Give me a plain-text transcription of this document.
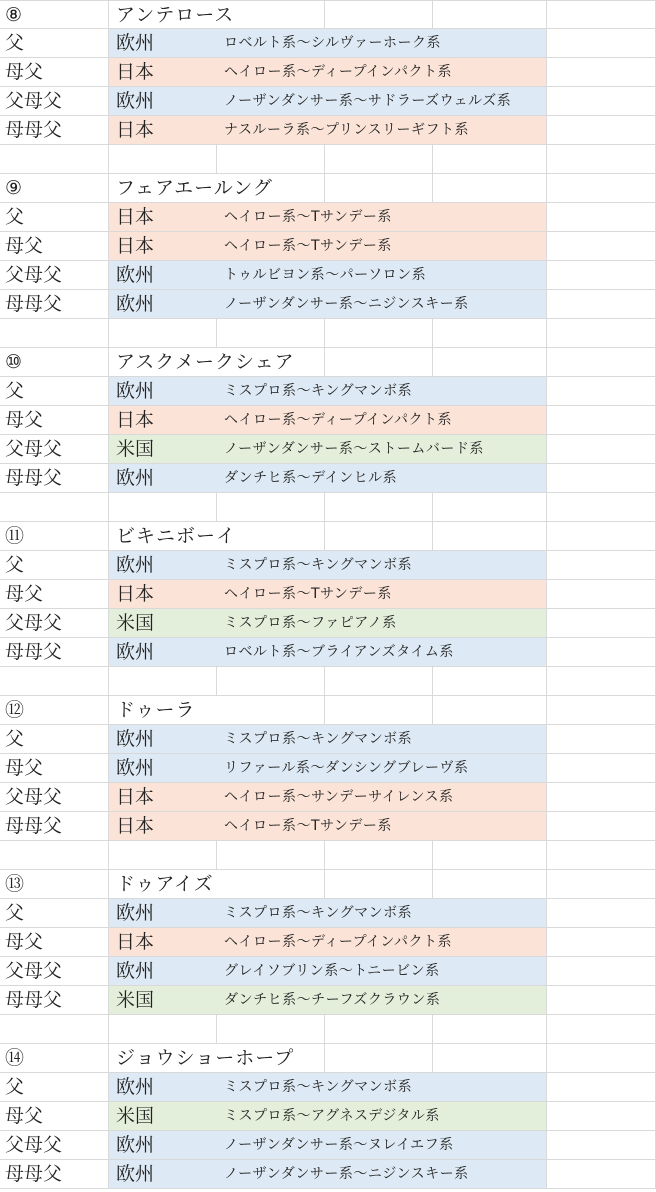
⑧	アンテロース
父	欧州	ロベルト系～シルヴァーホーク系
母父	日本	ヘイロー系～ディープインパクト系
父母父	欧州	ノーザンダンサー系～サドラーズウェルズ系
母母父	日本	ナスルーラ系～プリンスリーギフト系
⑨	フェアエールング
父	日本	ヘイロー系～Tサンデー系
母父	日本	ヘイロー系～Tサンデー系
父母父	欧州	トゥルビヨン系～パーソロン系
母母父	欧州	ノーザンダンサー系～ニジンスキー系
⑩	アスクメークシェア
父	欧州	ミスプロ系～キングマンボ系
母父	日本	ヘイロー系～ディープインパクト系
父母父	米国	ノーザンダンサー系～ストームバード系
母母父	欧州	ダンチヒ系～デインヒル系
⑪	ビキニボーイ
父	欧州	ミスプロ系～キングマンボ系
母父	日本	ヘイロー系～Tサンデー系
父母父	米国	ミスプロ系～ファピアノ系
母母父	欧州	ロベルト系～ブライアンズタイム系
⑫	ドゥーラ
父	欧州	ミスプロ系～キングマンボ系
母父	欧州	リファール系～ダンシングブレーヴ系
父母父	日本	ヘイロー系～サンデーサイレンス系
母母父	日本	ヘイロー系～Tサンデー系
⑬	ドゥアイズ
父	欧州	ミスプロ系～キングマンボ系
母父	日本	ヘイロー系～ディープインパクト系
父母父	欧州	グレイソブリン系～トニービン系
母母父	米国	ダンチヒ系～チーフズクラウン系
⑭	ジョウショーホープ
父	欧州	ミスプロ系～キングマンボ系
母父	米国	ミスプロ系～アグネスデジタル系
父母父	欧州	ノーザンダンサー系～ヌレイエフ系
母母父	欧州	ノーザンダンサー系～ニジンスキー系
